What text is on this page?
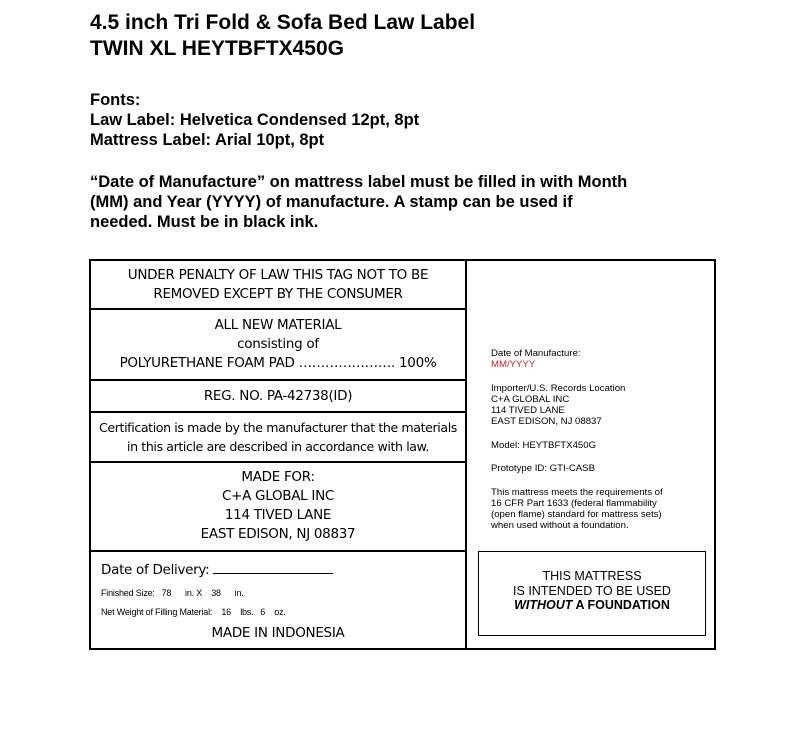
4.5 inch Tri Fold & Sofa Bed Law Label
TWIN XL HEYTBFTX450G
Fonts:
Law Label: Helvetica Condensed 12pt, 8pt
Mattress Label: Arial 10pt, 8pt
“Date of Manufacture” on mattress label must be filled in with Month
(MM) and Year (YYYY) of manufacture. A stamp can be used if
needed. Must be in black ink.
UNDER PENALTY OF LAW THIS TAG NOT TO BE
REMOVED EXCEPT BY THE CONSUMER
ALL NEW MATERIAL
consisting of
POLYURETHANE FOAM PAD …………………. 100%
REG. NO. PA-42738(ID)
Certification is made by the manufacturer that the materials
in this article are described in accordance with law.
MADE FOR:
C+A GLOBAL INC
114 TIVED LANE
EAST EDISON, NJ 08837
Date of Delivery:
Finished Size:   78      in. X    38      in.
Net Weight of Filling Material:    16    lbs.   6    oz.
MADE IN INDONESIA
Date of Manufacture:
MM/YYYY
Importer/U.S. Records Location
C+A GLOBAL INC
114 TIVED LANE
EAST EDISON, NJ 08837
Model: HEYTBFTX450G
Prototype ID: GTI-CASB
This mattress meets the requirements of
16 CFR Part 1633 (federal flammability
(open flame) standard for mattress sets)
when used without a foundation.
THIS MATTRESS
IS INTENDED TO BE USED
WITHOUT A FOUNDATION
